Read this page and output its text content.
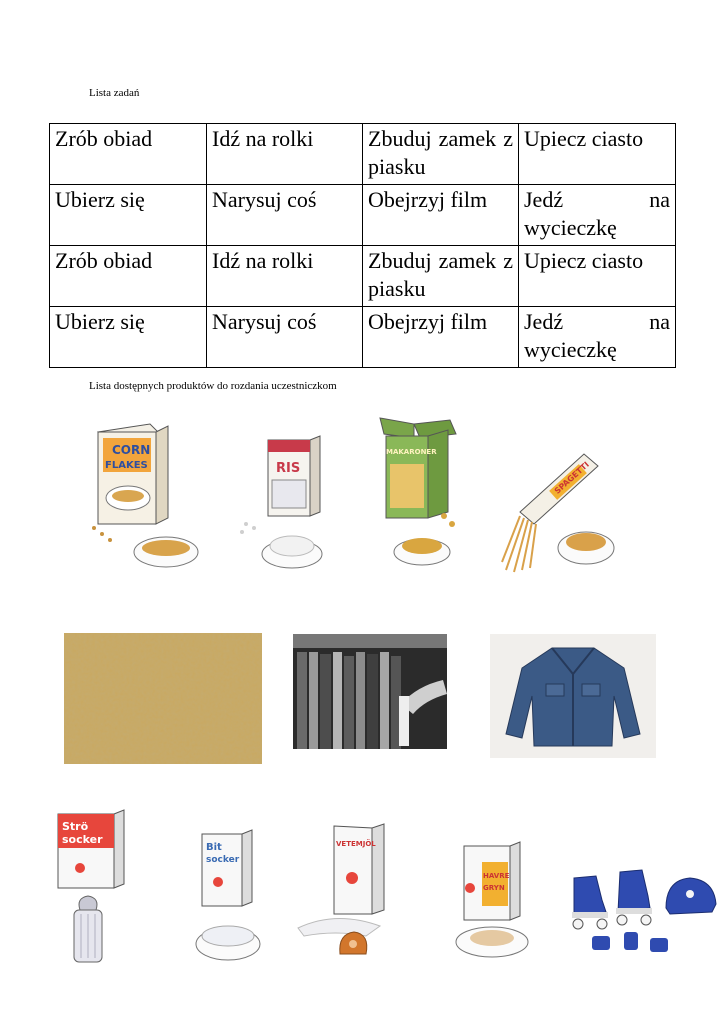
Lista zadań
Zrób obiad	Idź na rolki	Zbuduj zamek z piasku	Upiecz ciasto
Ubierz się	Narysuj coś	Obejrzyj film	Jedź na wycieczkę
Zrób obiad	Idź na rolki	Zbuduj zamek z piasku	Upiecz ciasto
Ubierz się	Narysuj coś	Obejrzyj film	Jedź na wycieczkę
Lista dostępnych produktów do rozdania uczestniczkom
CORN
FLAKES	RIS
MAKARONER
SPAGETTI
Strö
socker
Bit
socker
VETEMJÖL
HAVRE
GRYN
